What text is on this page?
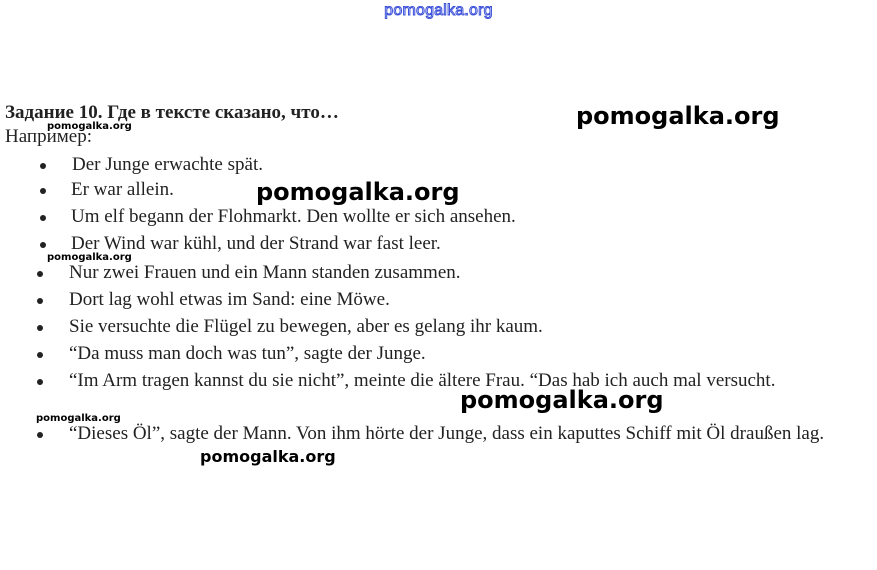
pomogalka.org
Задание 10. Где в тексте сказано, что…
Например:
Der Junge erwachte spät.
Er war allein.
Um elf begann der Flohmarkt. Den wollte er sich ansehen.
Der Wind war kühl, und der Strand war fast leer.
Nur zwei Frauen und ein Mann standen zusammen.
Dort lag wohl etwas im Sand: eine Möwe.
Sie versuchte die Flügel zu bewegen, aber es gelang ihr kaum.
“Da muss man doch was tun”, sagte der Junge.
“Im Arm tragen kannst du sie nicht”, meinte die ältere Frau. “Das hab ich auch mal versucht.
“Dieses Öl”, sagte der Mann. Von ihm hörte der Junge, dass ein kaputtes Schiff mit Öl draußen lag.
pomogalka.org
pomogalka.org
pomogalka.org
pomogalka.org
pomogalka.org
pomogalka.org
pomogalka.org
